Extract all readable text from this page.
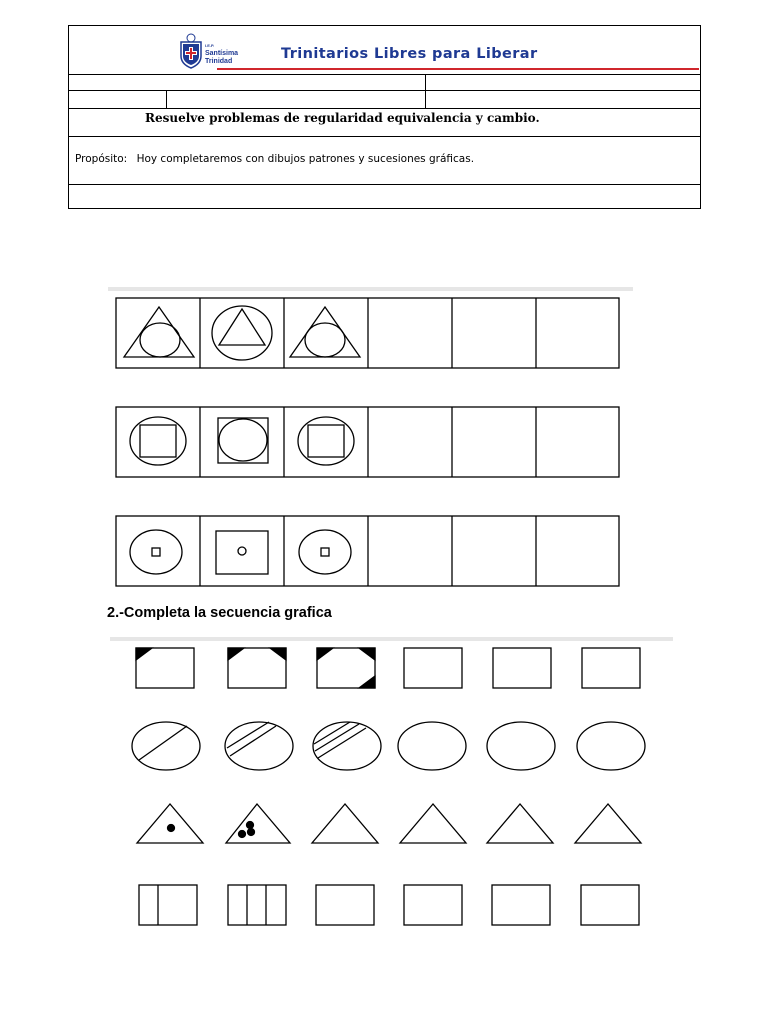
I.E.P.
Santísima
Trinidad	Trinitarios Libres para Liberar
Resuelve problemas de regularidad equivalencia y cambio.
Propósito: Hoy completaremos con dibujos patrones y sucesiones gráficas.
2.-Completa la secuencia grafica
